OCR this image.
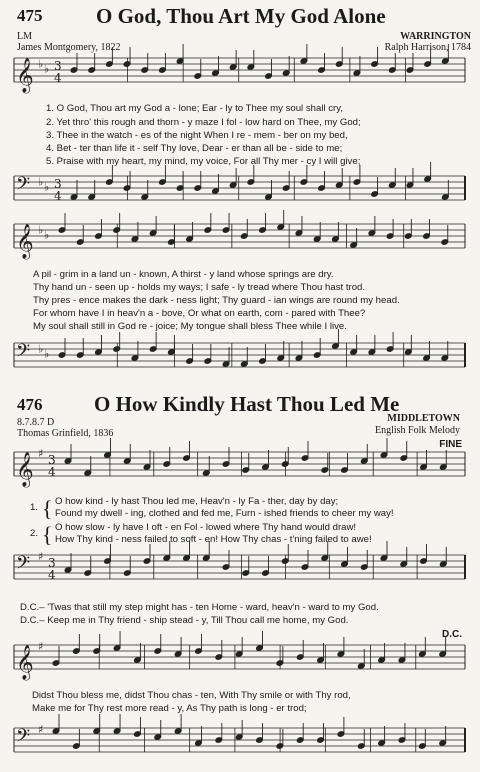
475	O God, Thou Art My God Alone
LM	WARRINGTON
James Montgomery, 1822	Ralph Harrison, 1784
𝄞 ♭ ♭ 3
4
𝄢 ♭ ♭ 3
4
𝄞 ♭ ♭
𝄢 ♭ ♭
𝄞 ♯ 3
4
𝄢 ♯ 3
4
𝄞 ♯
𝄢 ♯
1. O God, Thou art my God a - lone; Ear - ly to Thee my soul shall cry,
2. Yet thro' this rough and thorn - y maze I fol - low hard on Thee, my God;
3. Thee in the watch - es of the night When I re - mem - ber on my bed,
4. Bet - ter than life it - self Thy love, Dear - er than all be - side to me;
5. Praise with my heart, my mind, my voice, For all Thy mer - cy I will give;
A pil - grim in a land un - known, A thirst - y land whose springs are dry.
Thy hand un - seen up - holds my ways; I safe - ly tread where Thou hast trod.
Thy pres - ence makes the dark - ness light; Thy guard - ian wings are round my head.
For whom have I in heav'n a - bove, Or what on earth, com - pared with Thee?
My soul shall still in God re - joice; My tongue shall bless Thee while I live.
476 O How Kindly Hast Thou Led Me
8.7.8.7 D	MIDDLETOWN
Thomas Grinfield, 1836	English Folk Melody
FINE
1. { O how kind - ly hast Thou led me, Heav'n - ly Fa - ther, day by day;
Found my dwell - ing, clothed and fed me, Furn - ished friends to cheer my way!
2. { O how slow - ly have I oft - en Fol - lowed where Thy hand would draw!
How Thy kind - ness failed to soft - en! How Thy chas - t'ning failed to awe!
D.C.– 'Twas that still my step might has - ten Home - ward, heav'n - ward to my God.
D.C.– Keep me in Thy friend - ship stead - y, Till Thou call me home, my God.
D.C.
Didst Thou bless me, didst Thou chas - ten, With Thy smile or with Thy rod,
Make me for Thy rest more read - y, As Thy path is long - er trod;
